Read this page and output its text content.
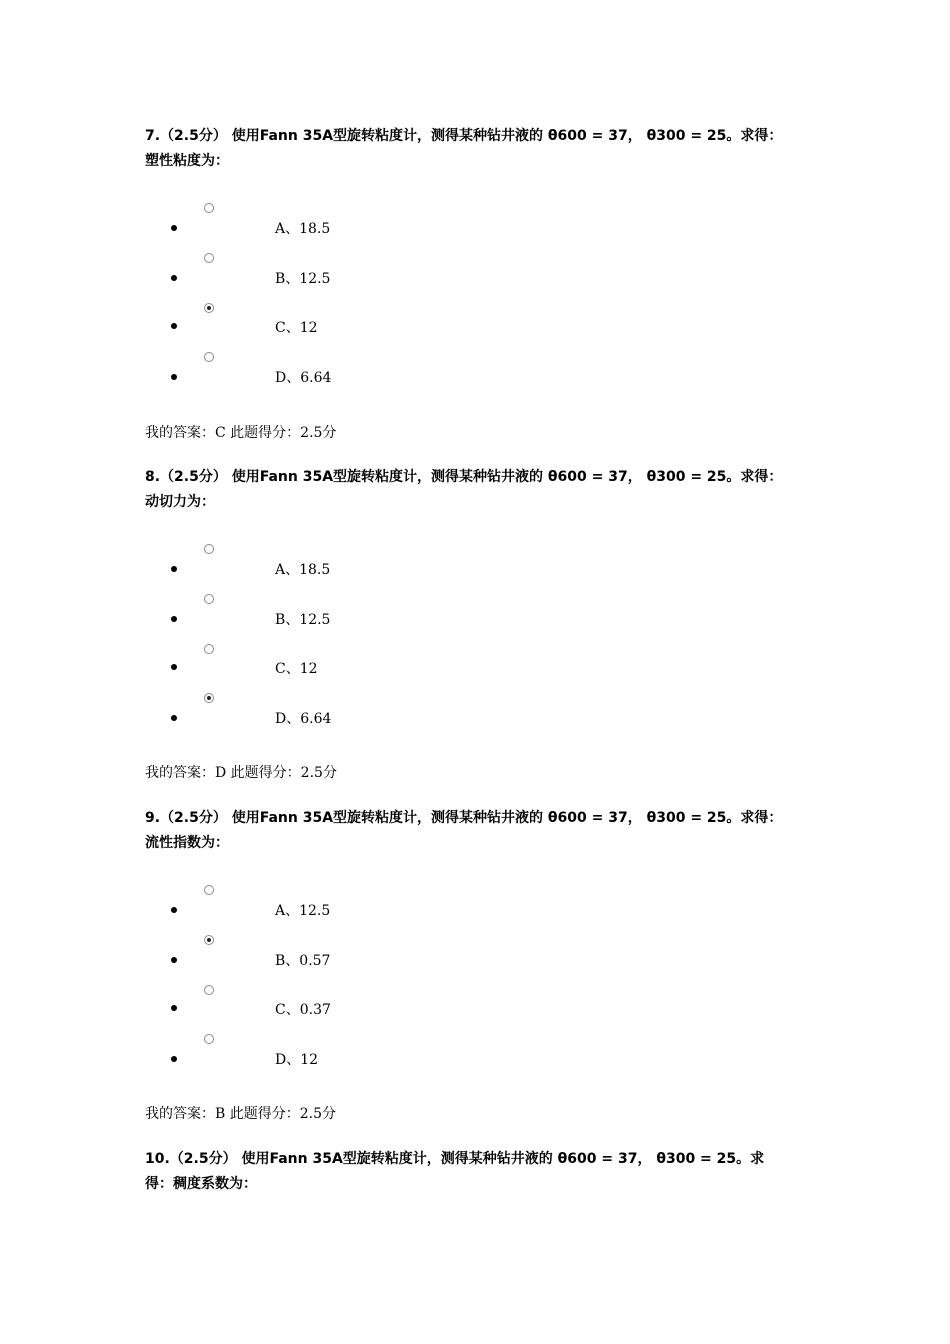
7.（2.5分） 使用Fann 35A型旋转粘度计，测得某种钻井液的 θ600 = 37， θ300 = 25。求得：塑性粘度为：
A、18.5
B、12.5
C、12
D、6.64
我的答案：C 此题得分：2.5分
8.（2.5分） 使用Fann 35A型旋转粘度计，测得某种钻井液的 θ600 = 37， θ300 = 25。求得：动切力为：
A、18.5
B、12.5
C、12
D、6.64
我的答案：D 此题得分：2.5分
9.（2.5分） 使用Fann 35A型旋转粘度计，测得某种钻井液的 θ600 = 37， θ300 = 25。求得：流性指数为：
A、12.5
B、0.57
C、0.37
D、12
我的答案：B 此题得分：2.5分
10.（2.5分） 使用Fann 35A型旋转粘度计，测得某种钻井液的 θ600 = 37， θ300 = 25。求得：稠度系数为：
